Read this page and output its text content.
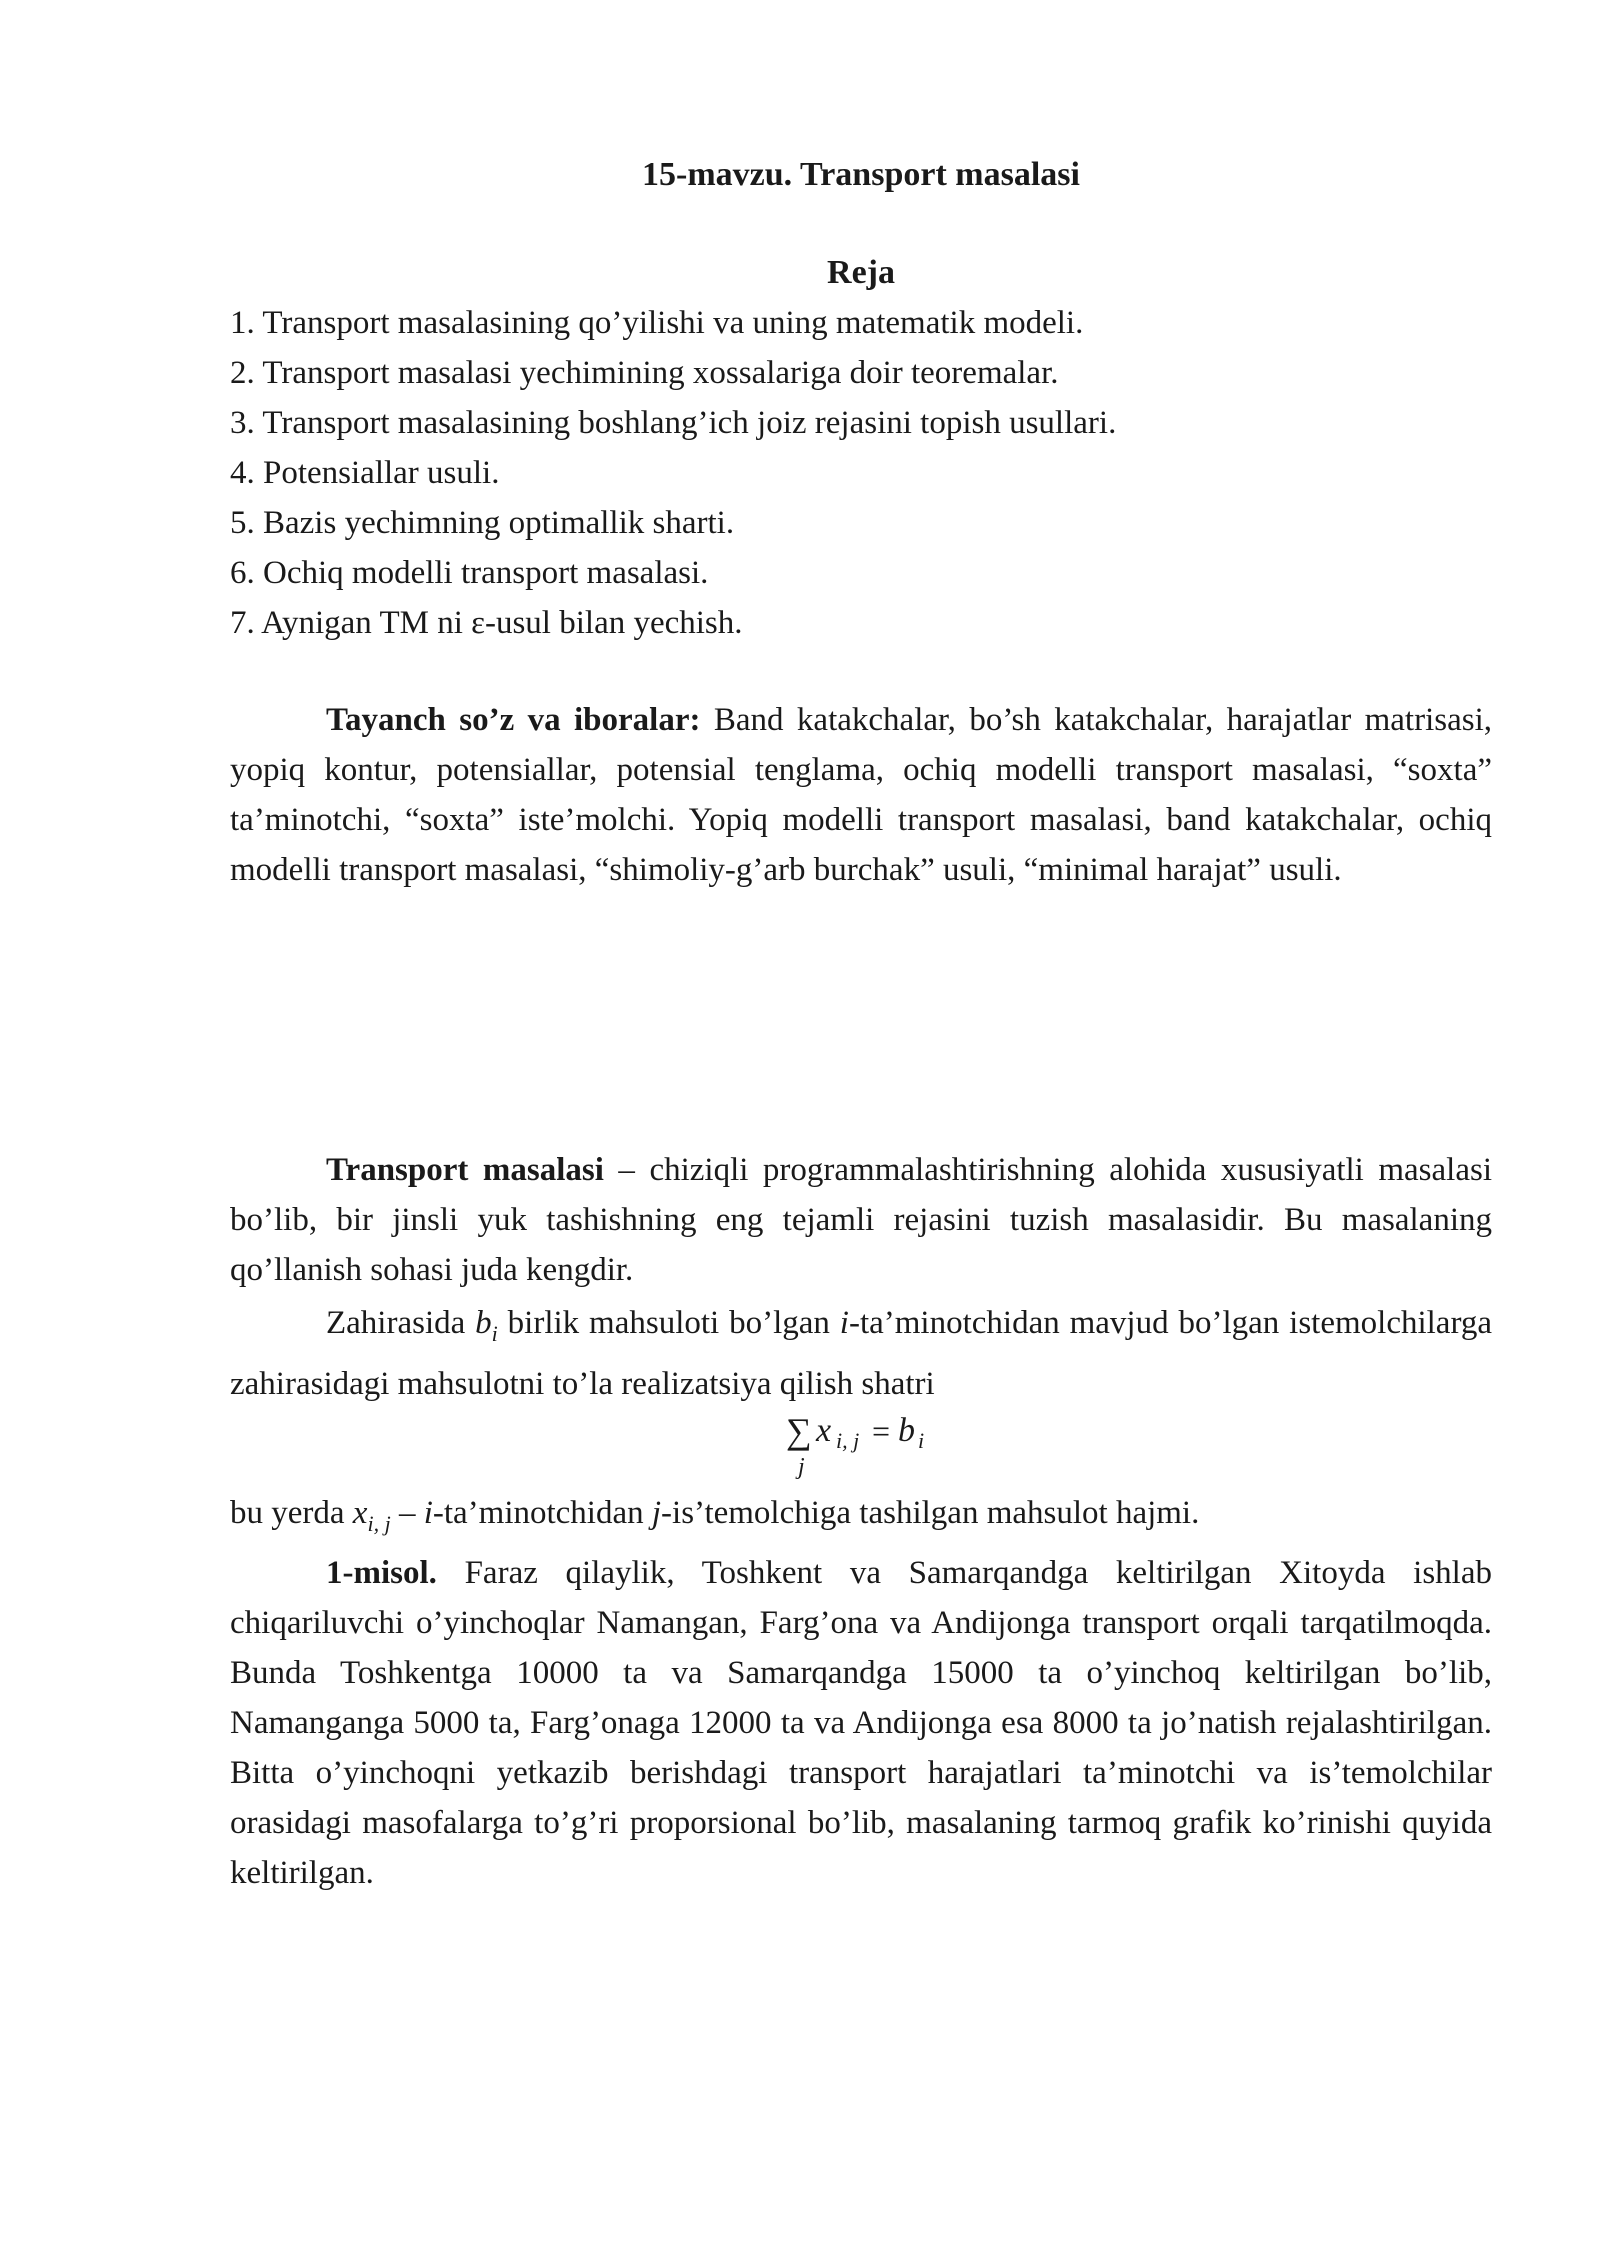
15-mavzu. Transport masalasi
Reja
1. Transport masalasining qo’yilishi va uning matematik modeli.
2. Transport masalasi yechimining xossalariga doir teoremalar.
3. Transport masalasining boshlang’ich joiz rejasini topish usullari.
4. Potensiallar usuli.
5. Bazis yechimning optimallik sharti.
6. Ochiq modelli transport masalasi.
7. Aynigan TM ni ε-usul bilan yechish.

Tayanch so’z va iboralar: Band katakchalar, bo’sh katakchalar, harajatlar matrisasi, yopiq kontur, potensiallar, potensial tenglama, ochiq modelli transport masalasi, “soxta” ta’minotchi, “soxta” iste’molchi. Yopiq modelli transport masalasi, band katakchalar, ochiq modelli transport masalasi, “shimoliy-g’arb burchak” usuli, “minimal harajat” usuli.

Transport masalasi – chiziqli programmalashtirishning alohida xususiyatli masalasi bo’lib, bir jinsli yuk tashishning eng tejamli rejasini tuzish masalasidir. Bu masalaning qo’llanish sohasi juda kengdir.

Zahirasida $b_i$ birlik mahsuloti bo’lgan i-ta’minotchidan mavjud bo’lgan istemolchilarga zahirasidagi mahsulotni to’la realizatsiya qilish shatri

∑
j
x i, j = b i
bu yerda $x_{i, j}$ – i-ta’minotchidan j-is’temolchiga tashilgan mahsulot hajmi.

1-misol. Faraz qilaylik, Toshkent va Samarqandga keltirilgan Xitoyda ishlab chiqariluvchi o’yinchoqlar Namangan, Farg’ona va Andijonga transport orqali tarqatilmoqda. Bunda Toshkentga 10000 ta va Samarqandga 15000 ta o’yinchoq keltirilgan bo’lib, Namanganga 5000 ta, Farg’onaga 12000 ta va Andijonga esa 8000 ta jo’natish rejalashtirilgan. Bitta o’yinchoqni yetkazib berishdagi transport harajatlari ta’minotchi va is’temolchilar orasidagi masofalarga to’g’ri proporsional bo’lib, masalaning tarmoq grafik ko’rinishi quyida keltirilgan.
